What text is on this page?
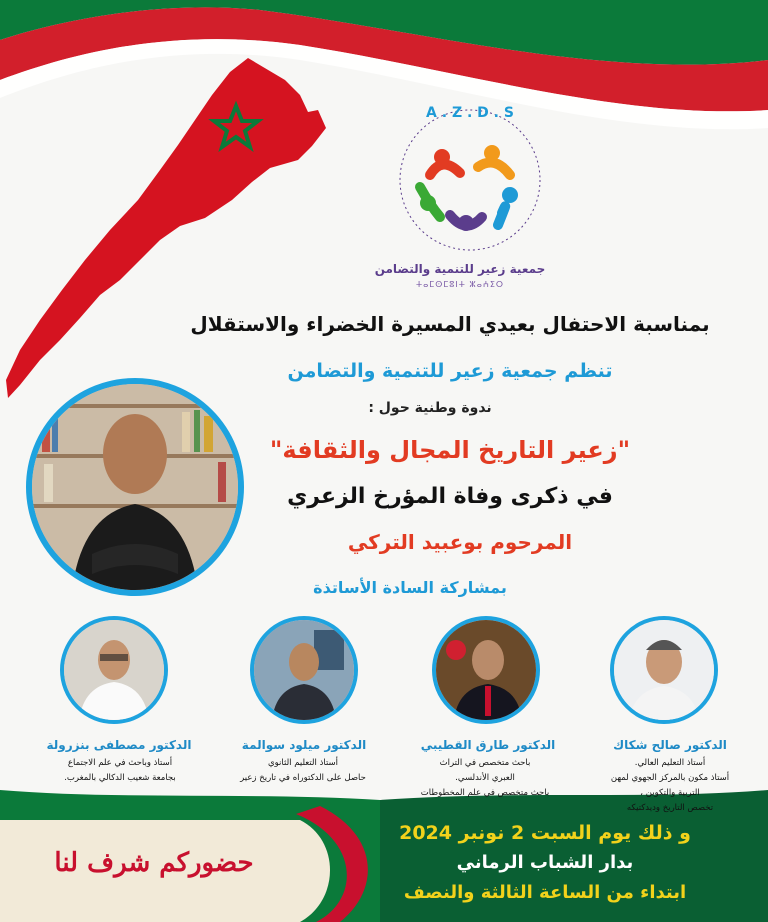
A . Z . D . S
جمعية زعير للتنمية والتضامن
ⵜⴰⵎⵙⵎⵓⵏⵜ ⵣⴰⵄⵉⵔ
بمناسبة الاحتفال بعيدي المسيرة الخضراء والاستقلال
تنظم جمعية زعير للتنمية والتضامن
ندوة وطنية حول :
"زعير التاريخ المجال والثقافة"
في ذكرى وفاة المؤرخ الزعري
المرحوم بوعبيد التركي
بمشاركة السادة الأساتذة
الدكتور صالح شكاك
أستاذ التعليم العالي.
أستاذ مكون بالمركز الجهوي لمهن
التربية والتكوين ،
تخصص التاريخ وديدكتيكه
الدكتور طارق القطيبي
باحث متخصص في التراث
العبري الأندلسي.
باحث متخصص في علم المخطوطات
الدكتور ميلود سوالمة
أستاذ التعليم الثانوي
حاصل على الدكتوراه في تاريخ زعير
الدكتور مصطفى بنزرولة
أستاذ وباحث في علم الاجتماع
بجامعة شعيب الدكالي بالمغرب.
و ذلك يوم السبت 2 نونبر 2024
بدار الشباب الرماني
ابتداء من الساعة الثالثة والنصف
حضوركم شرف لنا
